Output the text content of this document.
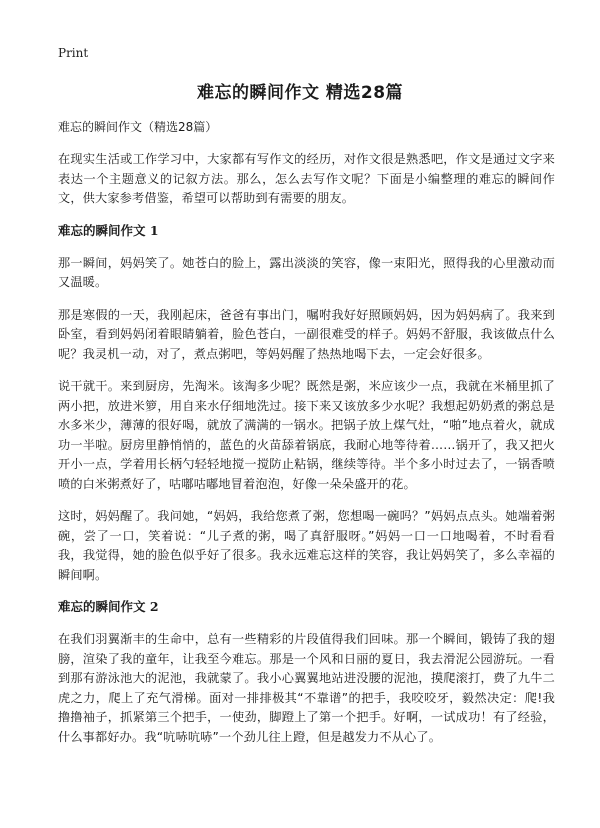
Print
难忘的瞬间作文 精选28篇
难忘的瞬间作文（精选28篇）

在现实生活或工作学习中，大家都有写作文的经历，对作文很是熟悉吧，作文是通过文字来表达一个主题意义的记叙方法。那么，怎么去写作文呢？下面是小编整理的难忘的瞬间作文，供大家参考借鉴，希望可以帮助到有需要的朋友。

难忘的瞬间作文 1

那一瞬间，妈妈笑了。她苍白的脸上，露出淡淡的笑容，像一束阳光，照得我的心里激动而又温暖。

那是寒假的一天，我刚起床，爸爸有事出门，嘱咐我好好照顾妈妈，因为妈妈病了。我来到卧室，看到妈妈闭着眼睛躺着，脸色苍白，一副很难受的样子。妈妈不舒服，我该做点什么呢？我灵机一动，对了，煮点粥吧，等妈妈醒了热热地喝下去，一定会好很多。

说干就干。来到厨房，先淘米。该淘多少呢？既然是粥，米应该少一点，我就在米桶里抓了两小把，放进米箩，用自来水仔细地洗过。接下来又该放多少水呢？我想起奶奶煮的粥总是水多米少，薄薄的很好喝，就放了满满的一锅水。把锅子放上煤气灶，“啪”地点着火，就成功一半啦。厨房里静悄悄的，蓝色的火苗舔着锅底，我耐心地等待着……锅开了，我又把火开小一点，学着用长柄勺轻轻地搅一搅防止粘锅，继续等待。半个多小时过去了，一锅香喷喷的白米粥煮好了，咕嘟咕嘟地冒着泡泡，好像一朵朵盛开的花。

这时，妈妈醒了。我问她，“妈妈，我给您煮了粥，您想喝一碗吗？”妈妈点点头。她端着粥碗，尝了一口，笑着说：“儿子煮的粥，喝了真舒服呀。”妈妈一口一口地喝着，不时看看我，我觉得，她的脸色似乎好了很多。我永远难忘这样的笑容，我让妈妈笑了，多么幸福的瞬间啊。

难忘的瞬间作文 2

在我们羽翼渐丰的生命中，总有一些精彩的片段值得我们回味。那一个瞬间，锻铸了我的翅膀，渲染了我的童年，让我至今难忘。那是一个风和日丽的夏日，我去滑泥公园游玩。一看到那有游泳池大的泥池，我就蒙了。我小心翼翼地站进没腰的泥池，摸爬滚打，费了九牛二虎之力，爬上了充气滑梯。面对一排排极其“不靠谱”的把手，我咬咬牙，毅然决定：爬!我撸撸袖子，抓紧第三个把手，一使劲，脚蹬上了第一个把手。好啊，一试成功！有了经验，什么事都好办。我“吭哧吭哧”一个劲儿往上蹬，但是越发力不从心了。
